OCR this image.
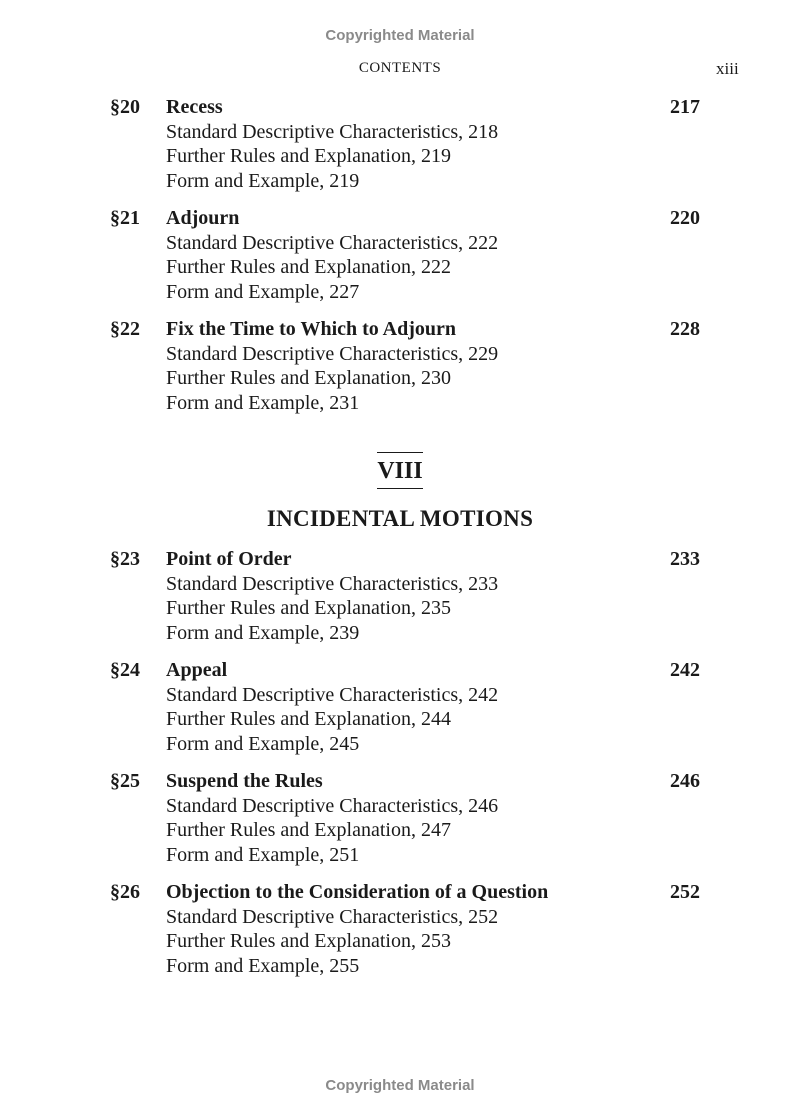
Copyrighted Material
CONTENTS	xiii
§20 Recess	217
Standard Descriptive Characteristics, 218
Further Rules and Explanation, 219
Form and Example, 219
§21 Adjourn	220
Standard Descriptive Characteristics, 222
Further Rules and Explanation, 222
Form and Example, 227
§22 Fix the Time to Which to Adjourn	228
Standard Descriptive Characteristics, 229
Further Rules and Explanation, 230
Form and Example, 231
VIII
INCIDENTAL MOTIONS
§23 Point of Order	233
Standard Descriptive Characteristics, 233
Further Rules and Explanation, 235
Form and Example, 239
§24 Appeal	242
Standard Descriptive Characteristics, 242
Further Rules and Explanation, 244
Form and Example, 245
§25 Suspend the Rules	246
Standard Descriptive Characteristics, 246
Further Rules and Explanation, 247
Form and Example, 251
§26 Objection to the Consideration of a Question	252
Standard Descriptive Characteristics, 252
Further Rules and Explanation, 253
Form and Example, 255
Copyrighted Material
